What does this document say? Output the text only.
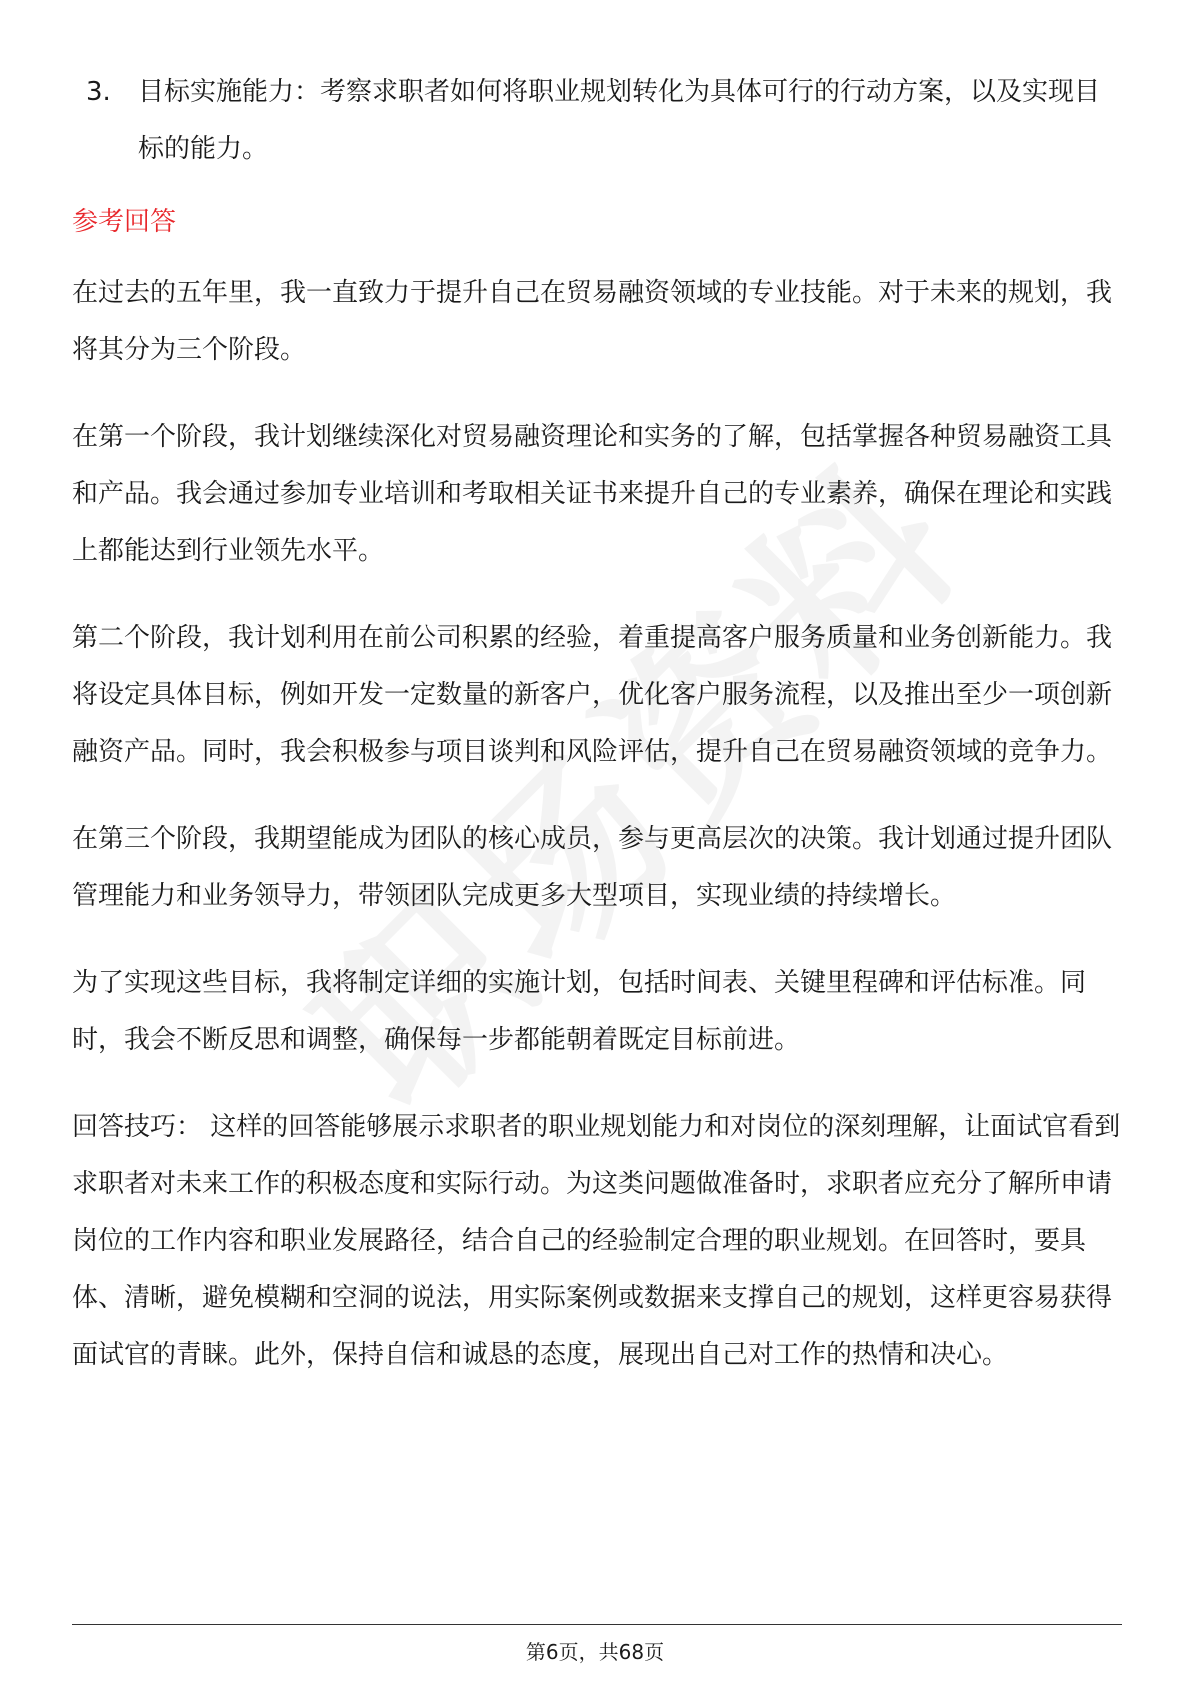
3.	目标实施能力：考察求职者如何将职业规划转化为具体可行的行动方案，以及实现目标的能力。

参考回答

在过去的五年里，我一直致力于提升自己在贸易融资领域的专业技能。对于未来的规划，我将其分为三个阶段。

在第一个阶段，我计划继续深化对贸易融资理论和实务的了解，包括掌握各种贸易融资工具和产品。我会通过参加专业培训和考取相关证书来提升自己的专业素养，确保在理论和实践上都能达到行业领先水平。

第二个阶段，我计划利用在前公司积累的经验，着重提高客户服务质量和业务创新能力。我将设定具体目标，例如开发一定数量的新客户，优化客户服务流程，以及推出至少一项创新融资产品。同时，我会积极参与项目谈判和风险评估，提升自己在贸易融资领域的竞争力。

在第三个阶段，我期望能成为团队的核心成员，参与更高层次的决策。我计划通过提升团队管理能力和业务领导力，带领团队完成更多大型项目，实现业绩的持续增长。

为了实现这些目标，我将制定详细的实施计划，包括时间表、关键里程碑和评估标准。同时，我会不断反思和调整，确保每一步都能朝着既定目标前进。

回答技巧： 这样的回答能够展示求职者的职业规划能力和对岗位的深刻理解，让面试官看到求职者对未来工作的积极态度和实际行动。为这类问题做准备时，求职者应充分了解所申请岗位的工作内容和职业发展路径，结合自己的经验制定合理的职业规划。在回答时，要具体、清晰，避免模糊和空洞的说法，用实际案例或数据来支撑自己的规划，这样更容易获得面试官的青睐。此外，保持自信和诚恳的态度，展现出自己对工作的热情和决心。

第6页，共68页
